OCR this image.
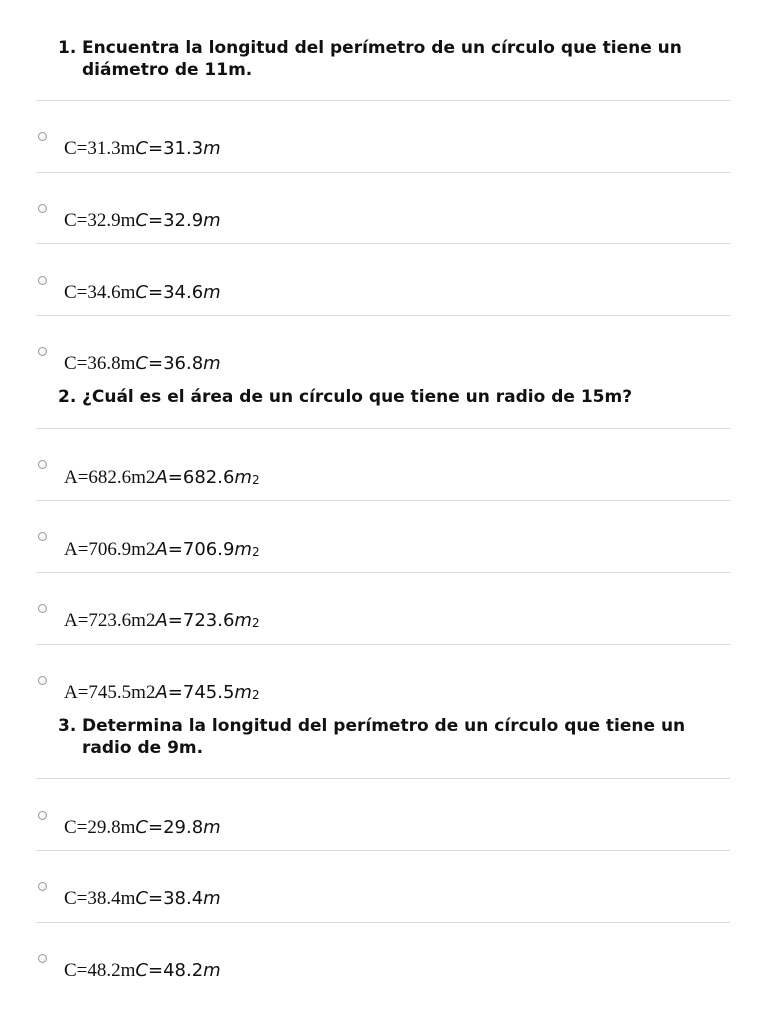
1. Encuentra la longitud del perímetro de un círculo que tiene un diámetro de 11m.
C=31.3mC=31.3m
C=32.9mC=32.9m
C=34.6mC=34.6m
C=36.8mC=36.8m
2. ¿Cuál es el área de un círculo que tiene un radio de 15m?
A=682.6m2A=682.6m2
A=706.9m2A=706.9m2
A=723.6m2A=723.6m2
A=745.5m2A=745.5m2
3. Determina la longitud del perímetro de un círculo que tiene un radio de 9m.
C=29.8mC=29.8m
C=38.4mC=38.4m
C=48.2mC=48.2m
